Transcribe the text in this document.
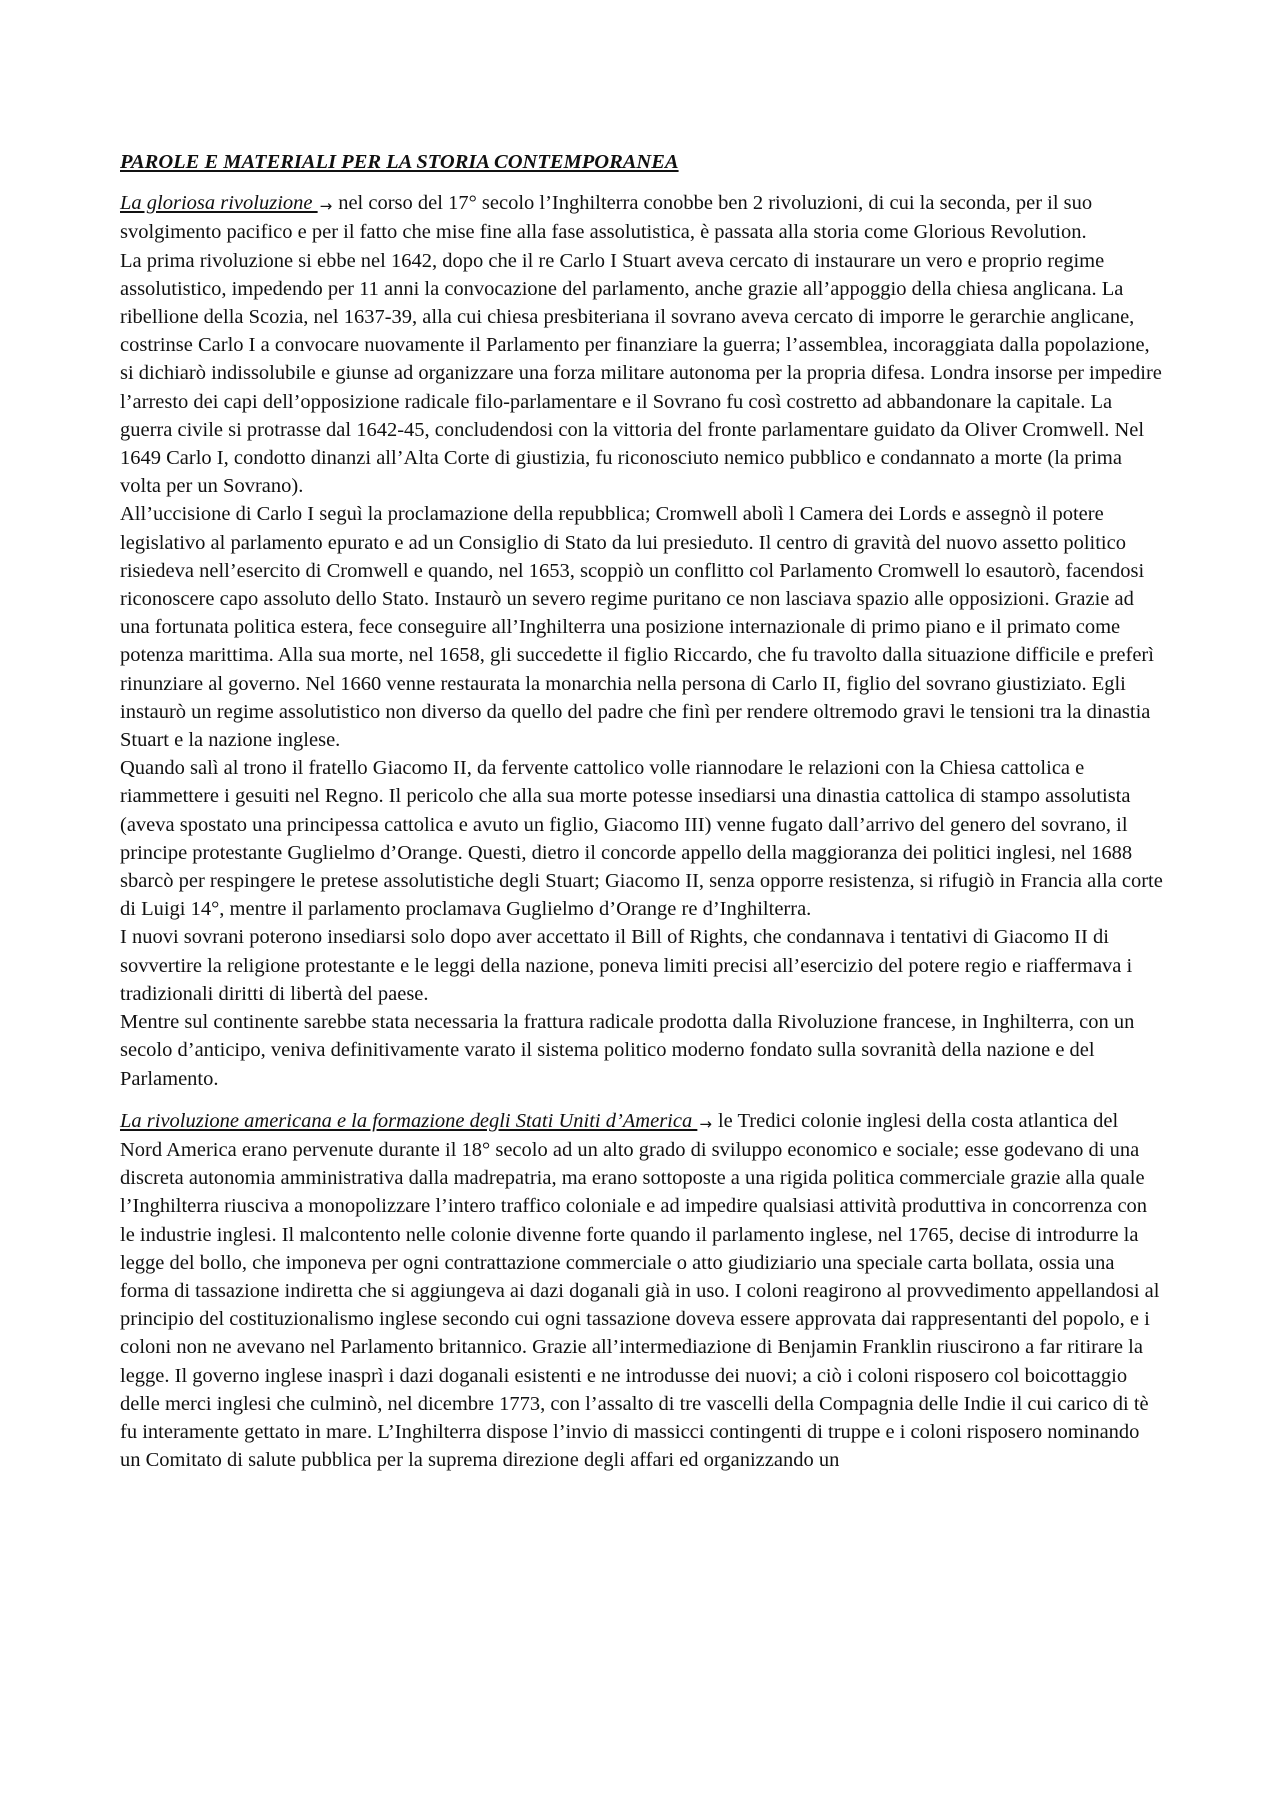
PAROLE E MATERIALI PER LA STORIA CONTEMPORANEA

La gloriosa rivoluzione → nel corso del 17° secolo l’Inghilterra conobbe ben 2 rivoluzioni, di cui la seconda, per il suo svolgimento pacifico e per il fatto che mise fine alla fase assolutistica, è passata alla storia come Glorious Revolution.

La prima rivoluzione si ebbe nel 1642, dopo che il re Carlo I Stuart aveva cercato di instaurare un vero e proprio regime assolutistico, impedendo per 11 anni la convocazione del parlamento, anche grazie all’appoggio della chiesa anglicana. La ribellione della Scozia, nel 1637-39, alla cui chiesa presbiteriana il sovrano aveva cercato di imporre le gerarchie anglicane, costrinse Carlo I a convocare nuovamente il Parlamento per finanziare la guerra; l’assemblea, incoraggiata dalla popolazione, si dichiarò indissolubile e giunse ad organizzare una forza militare autonoma per la propria difesa. Londra insorse per impedire l’arresto dei capi dell’opposizione radicale filo-parlamentare e il Sovrano fu così costretto ad abbandonare la capitale. La guerra civile si protrasse dal 1642-45, concludendosi con la vittoria del fronte parlamentare guidato da Oliver Cromwell. Nel 1649 Carlo I, condotto dinanzi all’Alta Corte di giustizia, fu riconosciuto nemico pubblico e condannato a morte (la prima volta per un Sovrano).

All’uccisione di Carlo I seguì la proclamazione della repubblica; Cromwell abolì l Camera dei Lords e assegnò il potere legislativo al parlamento epurato e ad un Consiglio di Stato da lui presieduto. Il centro di gravità del nuovo assetto politico risiedeva nell’esercito di Cromwell e quando, nel 1653, scoppiò un conflitto col Parlamento Cromwell lo esautorò, facendosi riconoscere capo assoluto dello Stato. Instaurò un severo regime puritano ce non lasciava spazio alle opposizioni. Grazie ad una fortunata politica estera, fece conseguire all’Inghilterra una posizione internazionale di primo piano e il primato come potenza marittima. Alla sua morte, nel 1658, gli succedette il figlio Riccardo, che fu travolto dalla situazione difficile e preferì rinunziare al governo. Nel 1660 venne restaurata la monarchia nella persona di Carlo II, figlio del sovrano giustiziato. Egli instaurò un regime assolutistico non diverso da quello del padre che finì per rendere oltremodo gravi le tensioni tra la dinastia Stuart e la nazione inglese.

Quando salì al trono il fratello Giacomo II, da fervente cattolico volle riannodare le relazioni con la Chiesa cattolica e riammettere i gesuiti nel Regno. Il pericolo che alla sua morte potesse insediarsi una dinastia cattolica di stampo assolutista (aveva spostato una principessa cattolica e avuto un figlio, Giacomo III) venne fugato dall’arrivo del genero del sovrano, il principe protestante Guglielmo d’Orange. Questi, dietro il concorde appello della maggioranza dei politici inglesi, nel 1688 sbarcò per respingere le pretese assolutistiche degli Stuart; Giacomo II, senza opporre resistenza, si rifugiò in Francia alla corte di Luigi 14°, mentre il parlamento proclamava Guglielmo d’Orange re d’Inghilterra.

I nuovi sovrani poterono insediarsi solo dopo aver accettato il Bill of Rights, che condannava i tentativi di Giacomo II di sovvertire la religione protestante e le leggi della nazione, poneva limiti precisi all’esercizio del potere regio e riaffermava i tradizionali diritti di libertà del paese.

Mentre sul continente sarebbe stata necessaria la frattura radicale prodotta dalla Rivoluzione francese, in Inghilterra, con un secolo d’anticipo, veniva definitivamente varato il sistema politico moderno fondato sulla sovranità della nazione e del Parlamento.

La rivoluzione americana e la formazione degli Stati Uniti d’America → le Tredici colonie inglesi della costa atlantica del Nord America erano pervenute durante il 18° secolo ad un alto grado di sviluppo economico e sociale; esse godevano di una discreta autonomia amministrativa dalla madrepatria, ma erano sottoposte a una rigida politica commerciale grazie alla quale l’Inghilterra riusciva a monopolizzare l’intero traffico coloniale e ad impedire qualsiasi attività produttiva in concorrenza con le industrie inglesi. Il malcontento nelle colonie divenne forte quando il parlamento inglese, nel 1765, decise di introdurre la legge del bollo, che imponeva per ogni contrattazione commerciale o atto giudiziario una speciale carta bollata, ossia una forma di tassazione indiretta che si aggiungeva ai dazi doganali già in uso. I coloni reagirono al provvedimento appellandosi al principio del costituzionalismo inglese secondo cui ogni tassazione doveva essere approvata dai rappresentanti del popolo, e i coloni non ne avevano nel Parlamento britannico. Grazie all’intermediazione di Benjamin Franklin riuscirono a far ritirare la legge. Il governo inglese inasprì i dazi doganali esistenti e ne introdusse dei nuovi; a ciò i coloni risposero col boicottaggio delle merci inglesi che culminò, nel dicembre 1773, con l’assalto di tre vascelli della Compagnia delle Indie il cui carico di tè fu interamente gettato in mare. L’Inghilterra dispose l’invio di massicci contingenti di truppe e i coloni risposero nominando un Comitato di salute pubblica per la suprema direzione degli affari ed organizzando un
